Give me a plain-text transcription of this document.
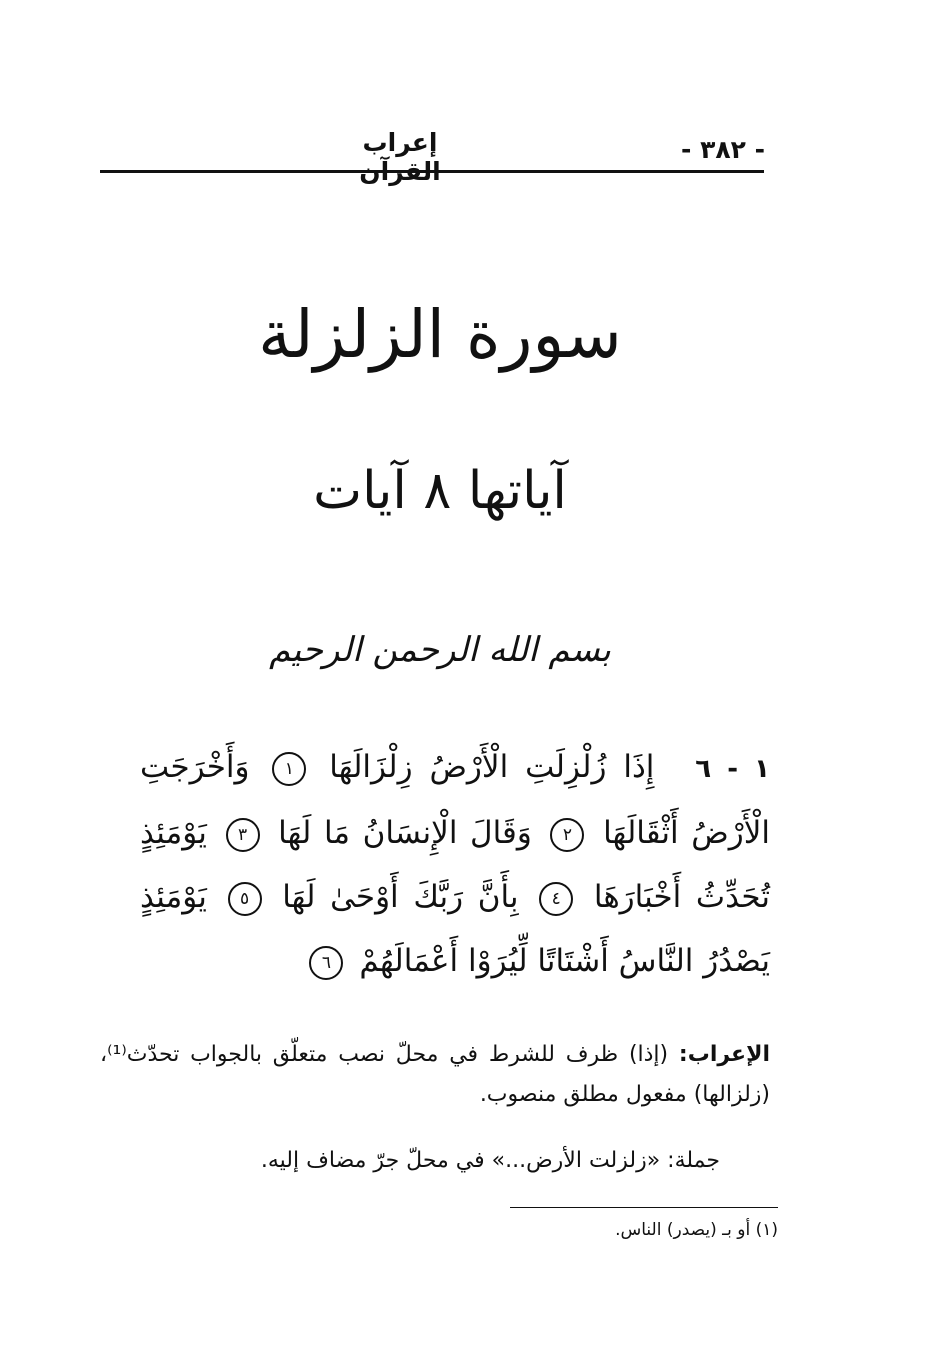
- ٣٨٢ -
إعراب القرآن
سورة الزلزلة
آياتها ٨ آيات
بسم الله الرحمن الرحيم
١ - ٦ إِذَا زُلْزِلَتِ الْأَرْضُ زِلْزَالَهَا ١ وَأَخْرَجَتِ الْأَرْضُ أَثْقَالَهَا ٢ وَقَالَ الْإِنسَانُ مَا لَهَا ٣ يَوْمَئِذٍ تُحَدِّثُ أَخْبَارَهَا ٤ بِأَنَّ رَبَّكَ أَوْحَىٰ لَهَا ٥ يَوْمَئِذٍ يَصْدُرُ النَّاسُ أَشْتَاتًا لِّيُرَوْا أَعْمَالَهُمْ ٦
الإعراب: (إذا) ظرف للشرط في محلّ نصب متعلّق بالجواب تحدّث⁽¹⁾، (زلزالها) مفعول مطلق منصوب.
جملة: «زلزلت الأرض...» في محلّ جرّ مضاف إليه.
(١) أو بـ (يصدر) الناس.
